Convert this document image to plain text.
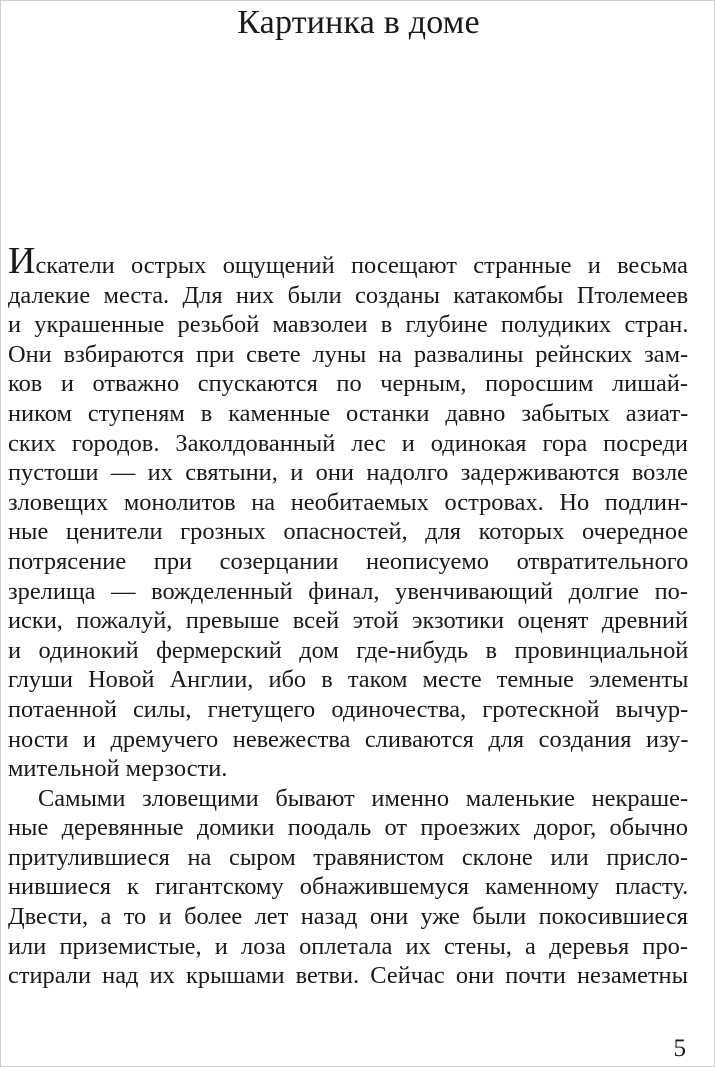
Картинка в доме

Искатели острых ощущений посещают странные и весьма
далекие места. Для них были созданы катакомбы Птолемеев
и украшенные резьбой мавзолеи в глубине полудиких стран.
Они взбираются при свете луны на развалины рейнских зам-
ков и отважно спускаются по черным, поросшим лишай-
ником ступеням в каменные останки давно забытых азиат-
ских городов. Заколдованный лес и одинокая гора посреди
пустоши — их святыни, и они надолго задерживаются возле
зловещих монолитов на необитаемых островах. Но подлин-
ные ценители грозных опасностей, для которых очередное
потрясение при созерцании неописуемо отвратительного
зрелища — вожделенный финал, увенчивающий долгие по-
иски, пожалуй, превыше всей этой экзотики оценят древний
и одинокий фермерский дом где-нибудь в провинциальной
глуши Новой Англии, ибо в таком месте темные элементы
потаенной силы, гнетущего одиночества, гротескной вычур-
ности и дремучего невежества сливаются для создания изу-
мительной мерзости.

Самыми зловещими бывают именно маленькие некраше-
ные деревянные домики поодаль от проезжих дорог, обычно
притулившиеся на сыром травянистом склоне или присло-
нившиеся к гигантскому обнажившемуся каменному пласту.
Двести, а то и более лет назад они уже были покосившиеся
или приземистые, и лоза оплетала их стены, а деревья про-
стирали над их крышами ветви. Сейчас они почти незаметны

5
